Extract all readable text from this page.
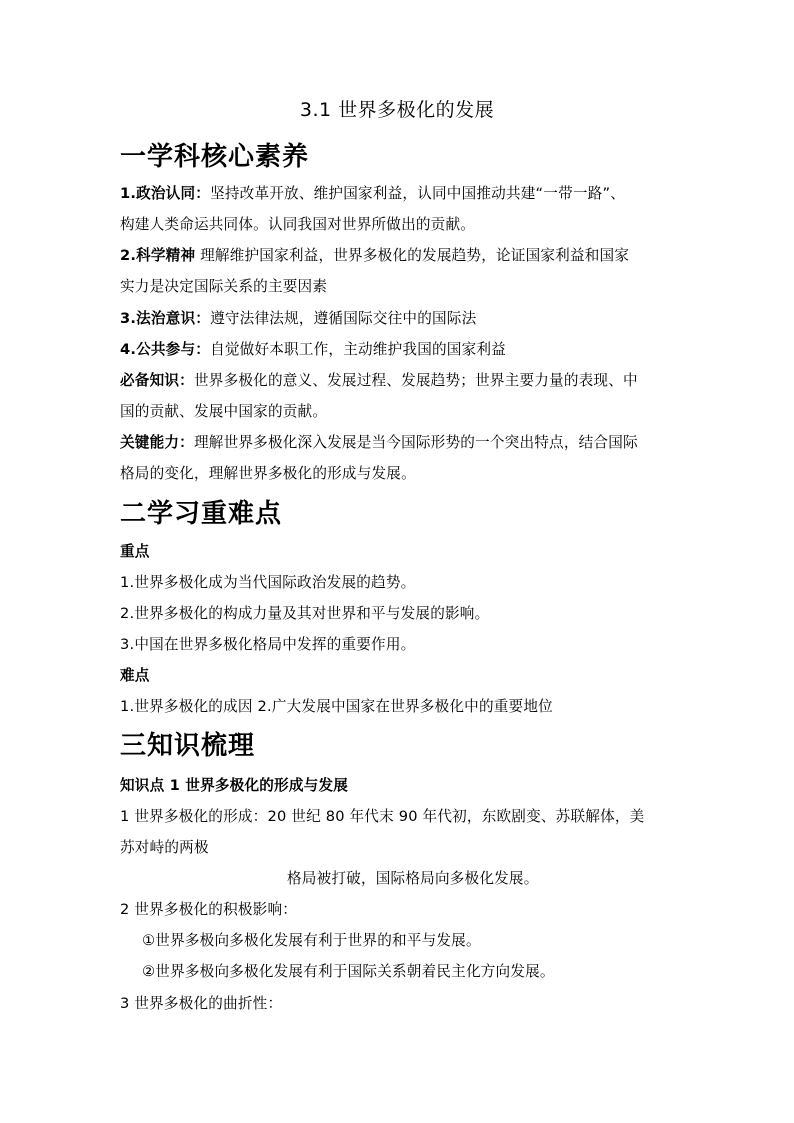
3.1 世界多极化的发展
一学科核心素养
1.政治认同：坚持改革开放、维护国家利益，认同中国推动共建“一带一路”、
构建人类命运共同体。认同我国对世界所做出的贡献。
2.科学精神 理解维护国家利益，世界多极化的发展趋势，论证国家利益和国家
实力是决定国际关系的主要因素
3.法治意识：遵守法律法规，遵循国际交往中的国际法
4.公共参与：自觉做好本职工作，主动维护我国的国家利益
必备知识：世界多极化的意义、发展过程、发展趋势；世界主要力量的表现、中
国的贡献、发展中国家的贡献。
关键能力：理解世界多极化深入发展是当今国际形势的一个突出特点，结合国际
格局的变化，理解世界多极化的形成与发展。
二学习重难点
重点
1.世界多极化成为当代国际政治发展的趋势。
2.世界多极化的构成力量及其对世界和平与发展的影响。
3.中国在世界多极化格局中发挥的重要作用。
难点
1.世界多极化的成因 2.广大发展中国家在世界多极化中的重要地位
三知识梳理
知识点 1 世界多极化的形成与发展
1 世界多极化的形成：20 世纪 80 年代末 90 年代初，东欧剧变、苏联解体，美
苏对峙的两极
格局被打破，国际格局向多极化发展。
2 世界多极化的积极影响：
①世界多极向多极化发展有利于世界的和平与发展。
②世界多极向多极化发展有利于国际关系朝着民主化方向发展。
3 世界多极化的曲折性：
